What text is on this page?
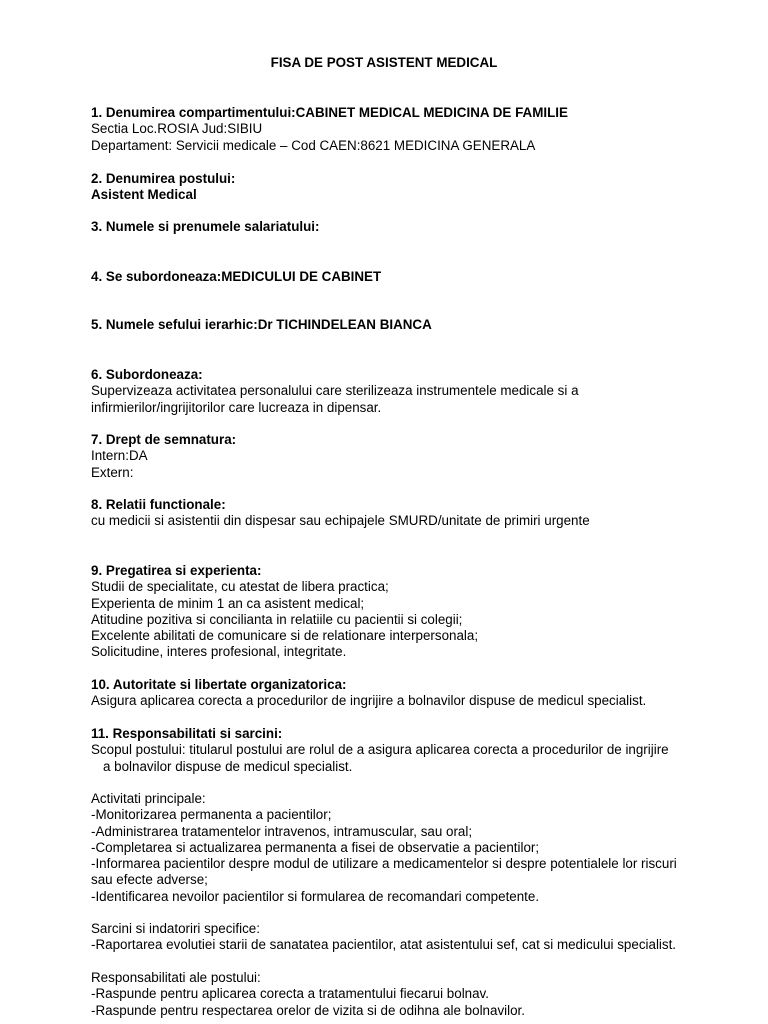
FISA DE POST ASISTENT MEDICAL
1. Denumirea compartimentului:CABINET MEDICAL MEDICINA DE FAMILIE
Sectia Loc.ROSIA Jud:SIBIU
Departament: Servicii medicale – Cod CAEN:8621 MEDICINA GENERALA
2. Denumirea postului:
Asistent Medical
3. Numele si prenumele salariatului:
4. Se subordoneaza:MEDICULUI DE CABINET
5. Numele sefului ierarhic:Dr TICHINDELEAN BIANCA
6. Subordoneaza:
Supervizeaza activitatea personalului care sterilizeaza instrumentele medicale si a
infirmierilor/ingrijitorilor care lucreaza in dipensar.
7. Drept de semnatura:
Intern:DA
Extern:
8. Relatii functionale:
cu medicii si asistentii din dispesar sau echipajele SMURD/unitate de primiri urgente
9. Pregatirea si experienta:
Studii de specialitate, cu atestat de libera practica;
Experienta de minim 1 an ca asistent medical;
Atitudine pozitiva si concilianta in relatiile cu pacientii si colegii;
Excelente abilitati de comunicare si de relationare interpersonala;
Solicitudine, interes profesional, integritate.
10. Autoritate si libertate organizatorica:
Asigura aplicarea corecta a procedurilor de ingrijire a bolnavilor dispuse de medicul specialist.
11. Responsabilitati si sarcini:
Scopul postului: titularul postului are rolul de a asigura aplicarea corecta a procedurilor de ingrijire
a bolnavilor dispuse de medicul specialist.
Activitati principale:
-Monitorizarea permanenta a pacientilor;
-Administrarea tratamentelor intravenos, intramuscular, sau oral;
-Completarea si actualizarea permanenta a fisei de observatie a pacientilor;
-Informarea pacientilor despre modul de utilizare a medicamentelor si despre potentialele lor riscuri
sau efecte adverse;
-Identificarea nevoilor pacientilor si formularea de recomandari competente.
Sarcini si indatoriri specifice:
-Raportarea evolutiei starii de sanatatea pacientilor, atat asistentului sef, cat si medicului specialist.
Responsabilitati ale postului:
-Raspunde pentru aplicarea corecta a tratamentului fiecarui bolnav.
-Raspunde pentru respectarea orelor de vizita si de odihna ale bolnavilor.
